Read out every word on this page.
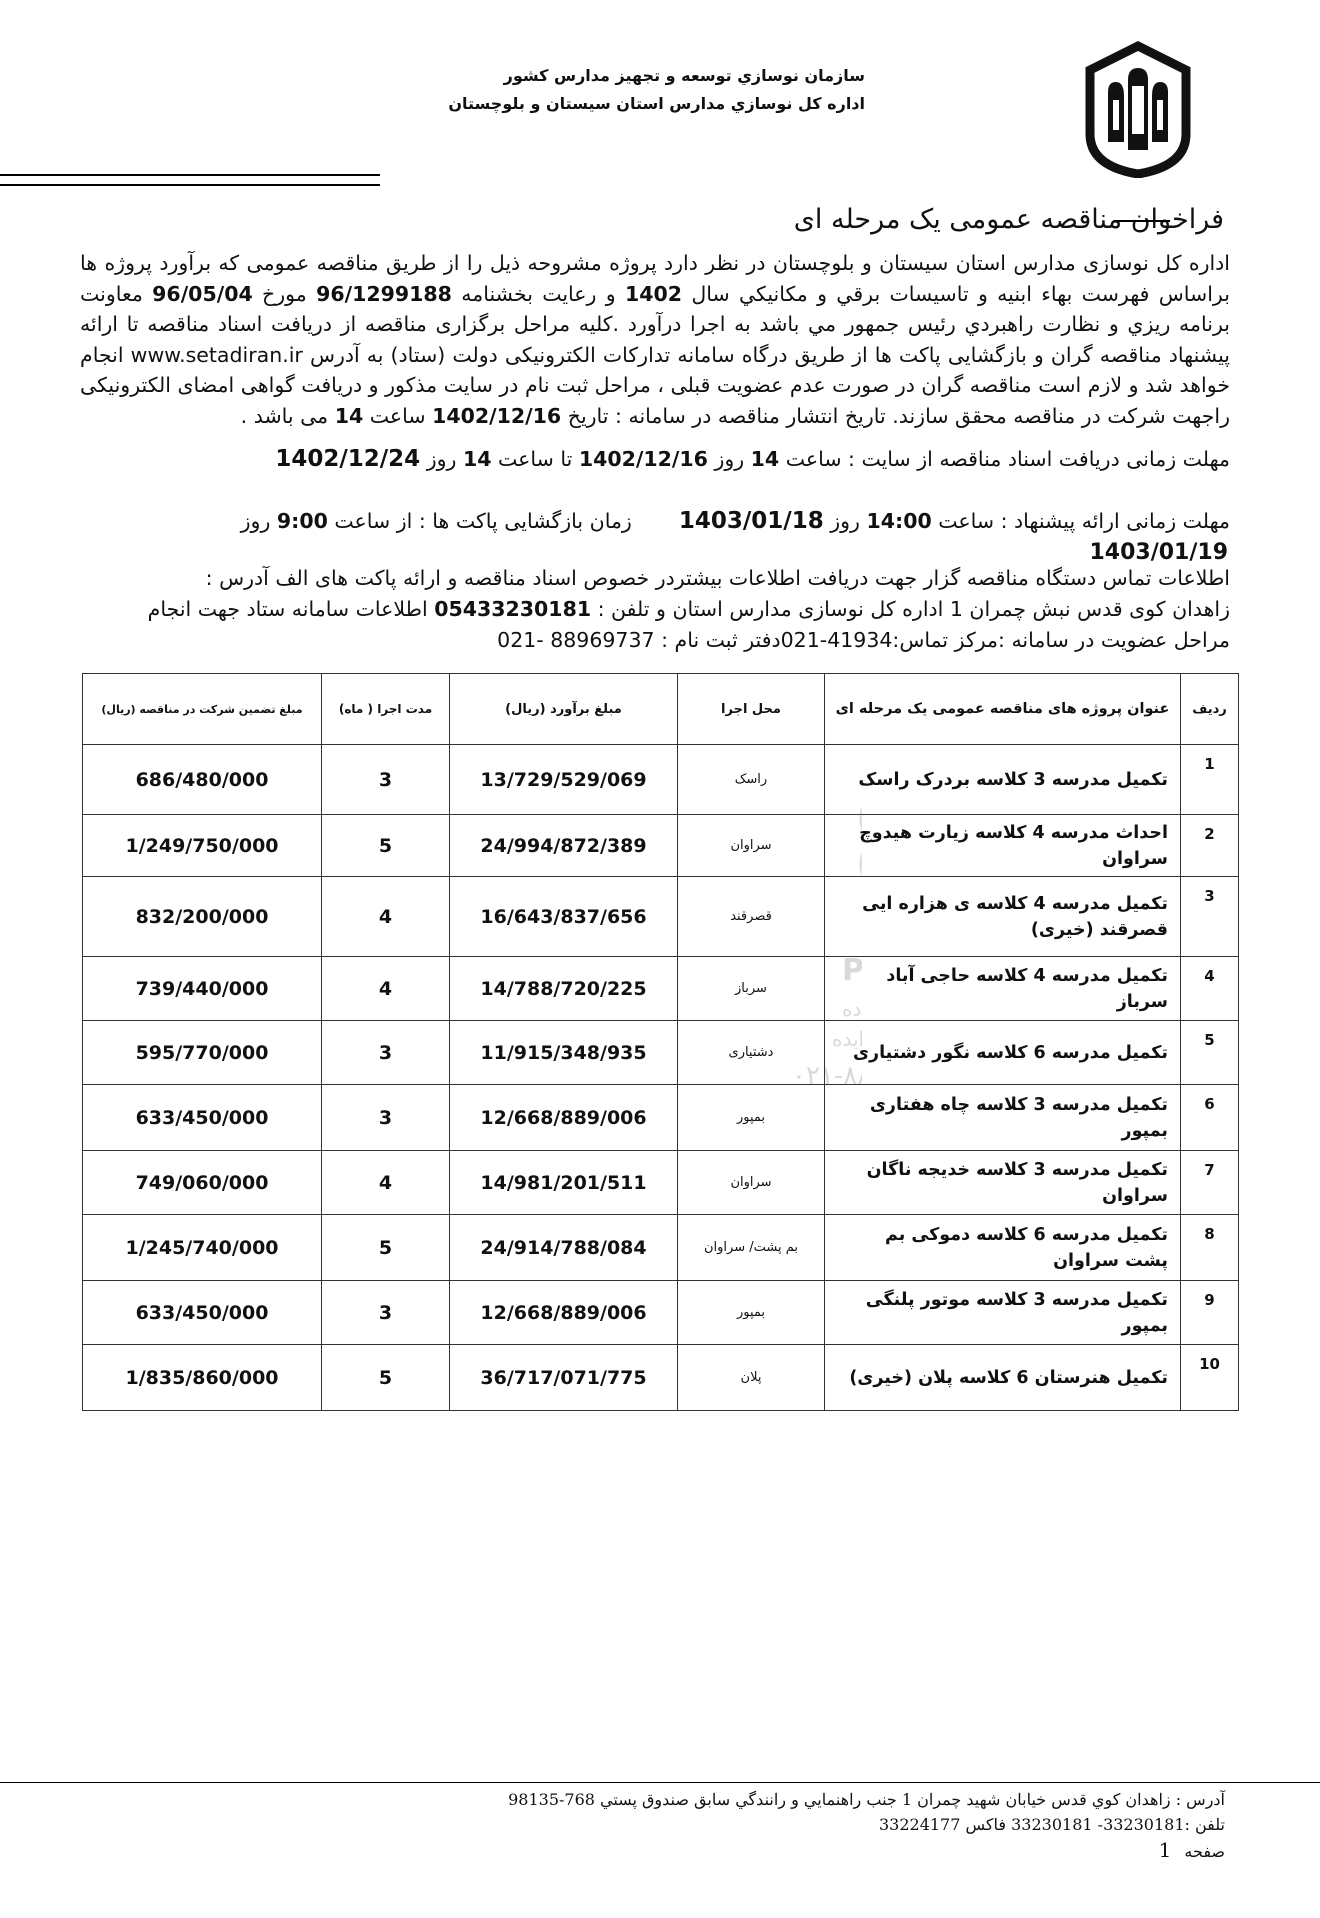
سازمان نوسازي توسعه و تجهيز مدارس کشور
اداره کل نوسازي مدارس استان سيستان و بلوچستان
فراخوان مناقصه عمومی یک مرحله ای

اداره کل نوسازی مدارس استان سیستان و بلوچستان در نظر دارد پروژه مشروحه ذیل را از طریق مناقصه عمومی که برآورد پروژه ها براساس فهرست بهاء ابنیه و تاسیسات برقي و مکانیکي سال 1402 و رعایت بخشنامه 96/1299188 مورخ 96/05/04 معاونت برنامه ریزي و نظارت راهبردي رئیس جمهور مي باشد به اجرا درآورد .کلیه مراحل برگزاری مناقصه از دریافت اسناد مناقصه تا ارائه پیشنهاد مناقصه گران و بازگشایی پاکت ها از طریق درگاه سامانه تدارکات الکترونیکی دولت (ستاد) به آدرس www.setadiran.ir انجام خواهد شد و لازم است مناقصه گران در صورت عدم عضویت قبلی ، مراحل ثبت نام در سایت مذکور و دریافت گواهی امضای الکترونیکی راجهت شرکت در مناقصه محقق سازند. تاریخ انتشار مناقصه در سامانه : تاریخ 1402/12/16 ساعت 14 می باشد .

مهلت زمانی دریافت اسناد مناقصه از سایت : ساعت 14 روز 1402/12/16 تا ساعت 14 روز 1402/12/24
مهلت زمانی ارائه پیشنهاد : ساعت 14:00 روز 1403/01/18  زمان بازگشایی پاکت ها : از ساعت 9:00 روز
1403/01/19
اطلاعات تماس دستگاه مناقصه گزار جهت دریافت اطلاعات بیشتردر خصوص اسناد مناقصه و ارائه پاکت های الف آدرس :
زاهدان کوی قدس نبش چمران 1 اداره کل نوسازی مدارس استان و تلفن : 05433230181 اطلاعات سامانه ستاد جهت انجام
مراحل عضویت در سامانه :مرکز تماس:41934-021دفتر ثبت نام : 021- 88969737
ردیف	عنوان پروژه های مناقصه عمومی یک مرحله ای	محل اجرا	مبلغ برآورد (ریال)	مدت اجرا ( ماه)	مبلغ تضمین شرکت در مناقصه (ریال)
1	تکمیل مدرسه 3 کلاسه بردرک راسک	راسک	13/729/529/069	3	686/480/000
2	احداث مدرسه 4 کلاسه زیارت هیدوچ سراوان	سراوان	24/994/872/389	5	1/249/750/000
3	تکمیل مدرسه 4 کلاسه ی هزاره ایی قصرقند (خیری)	قصرقند	16/643/837/656	4	832/200/000
4	تکمیل مدرسه 4 کلاسه حاجی آباد سرباز	سرباز	14/788/720/225	4	739/440/000
5	تکمیل مدرسه 6 کلاسه نگور دشتیاری	دشتیاری	11/915/348/935	3	595/770/000
6	تکمیل مدرسه 3 کلاسه چاه هفتاری بمپور	بمپور	12/668/889/006	3	633/450/000
7	تکمیل مدرسه 3 کلاسه خدیجه ناگان سراوان	سراوان	14/981/201/511	4	749/060/000
8	تکمیل مدرسه 6 کلاسه دموکی بم پشت سراوان	بم پشت/ سراوان	24/914/788/084	5	1/245/740/000
9	تکمیل مدرسه 3 کلاسه موتور پلنگی بمپور	بمپور	12/668/889/006	3	633/450/000
10	تکمیل هنرستان 6 کلاسه پلان (خیری)	پلان	36/717/071/775	5	1/835/860/000
P
ده
ایده
۰۲۱-۸
آدرس : زاهدان کوي قدس خيابان شهيد چمران 1 جنب راهنمايي و رانندگي سابق صندوق پستي 768-98135
تلفن :33230181- 33230181 فاکس 33224177
صفحه 1
